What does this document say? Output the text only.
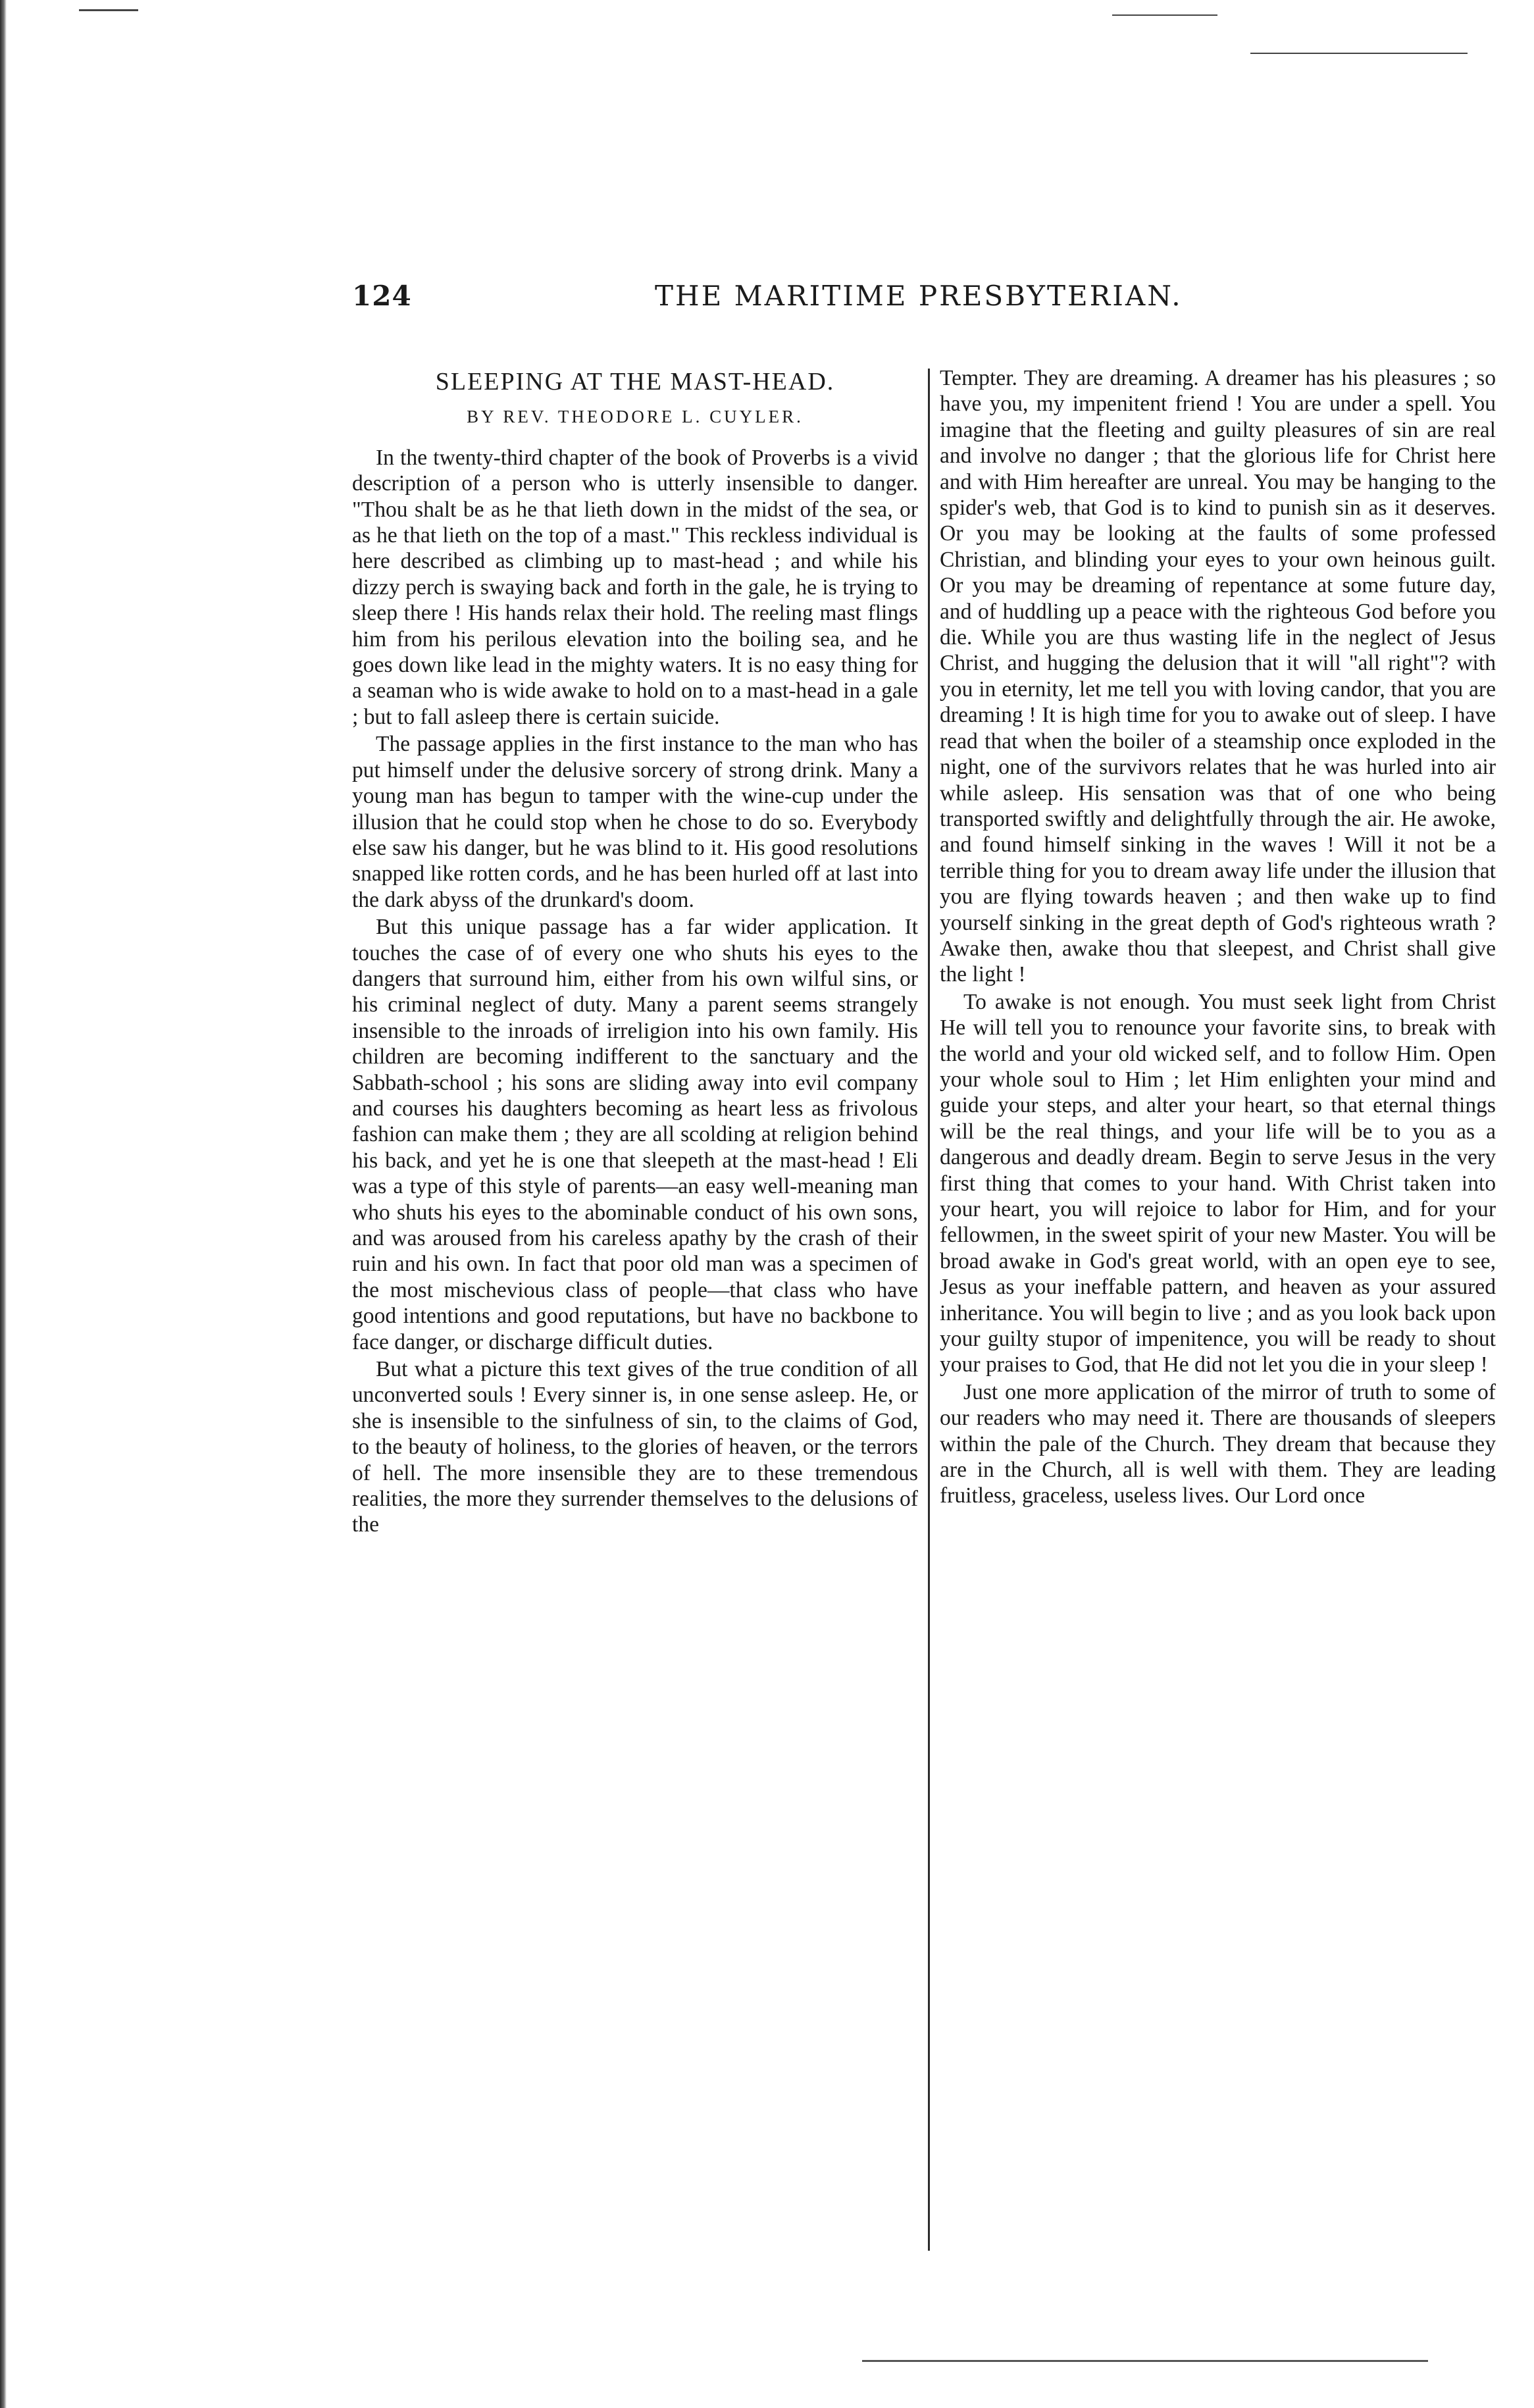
124	THE MARITIME PRESBYTERIAN.
SLEEPING AT THE MAST-HEAD.
BY REV. THEODORE L. CUYLER.

In the twenty-third chapter of the book of Proverbs is a vivid description of a person who is utterly insensible to danger. "Thou shalt be as he that lieth down in the midst of the sea, or as he that lieth on the top of a mast." This reckless individual is here described as climbing up to mast-head ; and while his dizzy perch is swaying back and forth in the gale, he is trying to sleep there ! His hands relax their hold. The reeling mast flings him from his perilous elevation into the boiling sea, and he goes down like lead in the mighty waters. It is no easy thing for a seaman who is wide awake to hold on to a mast-head in a gale ; but to fall asleep there is certain suicide.

The passage applies in the first instance to the man who has put himself under the delusive sorcery of strong drink. Many a young man has begun to tamper with the wine-cup under the illusion that he could stop when he chose to do so. Everybody else saw his danger, but he was blind to it. His good resolutions snapped like rotten cords, and he has been hurled off at last into the dark abyss of the drunkard's doom.

But this unique passage has a far wider application. It touches the case of of every one who shuts his eyes to the dangers that surround him, either from his own wilful sins, or his criminal neglect of duty. Many a parent seems strangely insensible to the inroads of irreligion into his own family. His children are becoming indifferent to the sanctuary and the Sabbath-school ; his sons are sliding away into evil company and courses his daughters becoming as heart less as frivolous fashion can make them ; they are all scolding at religion behind his back, and yet he is one that sleepeth at the mast-head ! Eli was a type of this style of parents—an easy well-meaning man who shuts his eyes to the abominable conduct of his own sons, and was aroused from his careless apathy by the crash of their ruin and his own. In fact that poor old man was a specimen of the most mischevious class of people—that class who have good intentions and good reputations, but have no backbone to face danger, or discharge difficult duties.

But what a picture this text gives of the true condition of all unconverted souls ! Every sinner is, in one sense asleep. He, or she is insensible to the sinfulness of sin, to the claims of God, to the beauty of holiness, to the glories of heaven, or the terrors of hell. The more insensible they are to these tremendous realities, the more they surrender themselves to the delusions of the

Tempter. They are dreaming. A dreamer has his pleasures ; so have you, my impenitent friend ! You are under a spell. You imagine that the fleeting and guilty pleasures of sin are real and involve no danger ; that the glorious life for Christ here and with Him hereafter are unreal. You may be hanging to the spider's web, that God is to kind to punish sin as it deserves. Or you may be looking at the faults of some professed Christian, and blinding your eyes to your own heinous guilt. Or you may be dreaming of repentance at some future day, and of huddling up a peace with the righteous God before you die. While you are thus wasting life in the neglect of Jesus Christ, and hugging the delusion that it will "all right"? with you in eternity, let me tell you with loving candor, that you are dreaming ! It is high time for you to awake out of sleep. I have read that when the boiler of a steamship once exploded in the night, one of the survivors relates that he was hurled into air while asleep. His sensation was that of one who being transported swiftly and delightfully through the air. He awoke, and found himself sinking in the waves ! Will it not be a terrible thing for you to dream away life under the illusion that you are flying towards heaven ; and then wake up to find yourself sinking in the great depth of God's righteous wrath ? Awake then, awake thou that sleepest, and Christ shall give the light !

To awake is not enough. You must seek light from Christ He will tell you to renounce your favorite sins, to break with the world and your old wicked self, and to follow Him. Open your whole soul to Him ; let Him enlighten your mind and guide your steps, and alter your heart, so that eternal things will be the real things, and your life will be to you as a dangerous and deadly dream. Begin to serve Jesus in the very first thing that comes to your hand. With Christ taken into your heart, you will rejoice to labor for Him, and for your fellowmen, in the sweet spirit of your new Master. You will be broad awake in God's great world, with an open eye to see, Jesus as your ineffable pattern, and heaven as your assured inheritance. You will begin to live ; and as you look back upon your guilty stupor of impenitence, you will be ready to shout your praises to God, that He did not let you die in your sleep !

Just one more application of the mirror of truth to some of our readers who may need it. There are thousands of sleepers within the pale of the Church. They dream that because they are in the Church, all is well with them. They are leading fruitless, graceless, useless lives. Our Lord once
